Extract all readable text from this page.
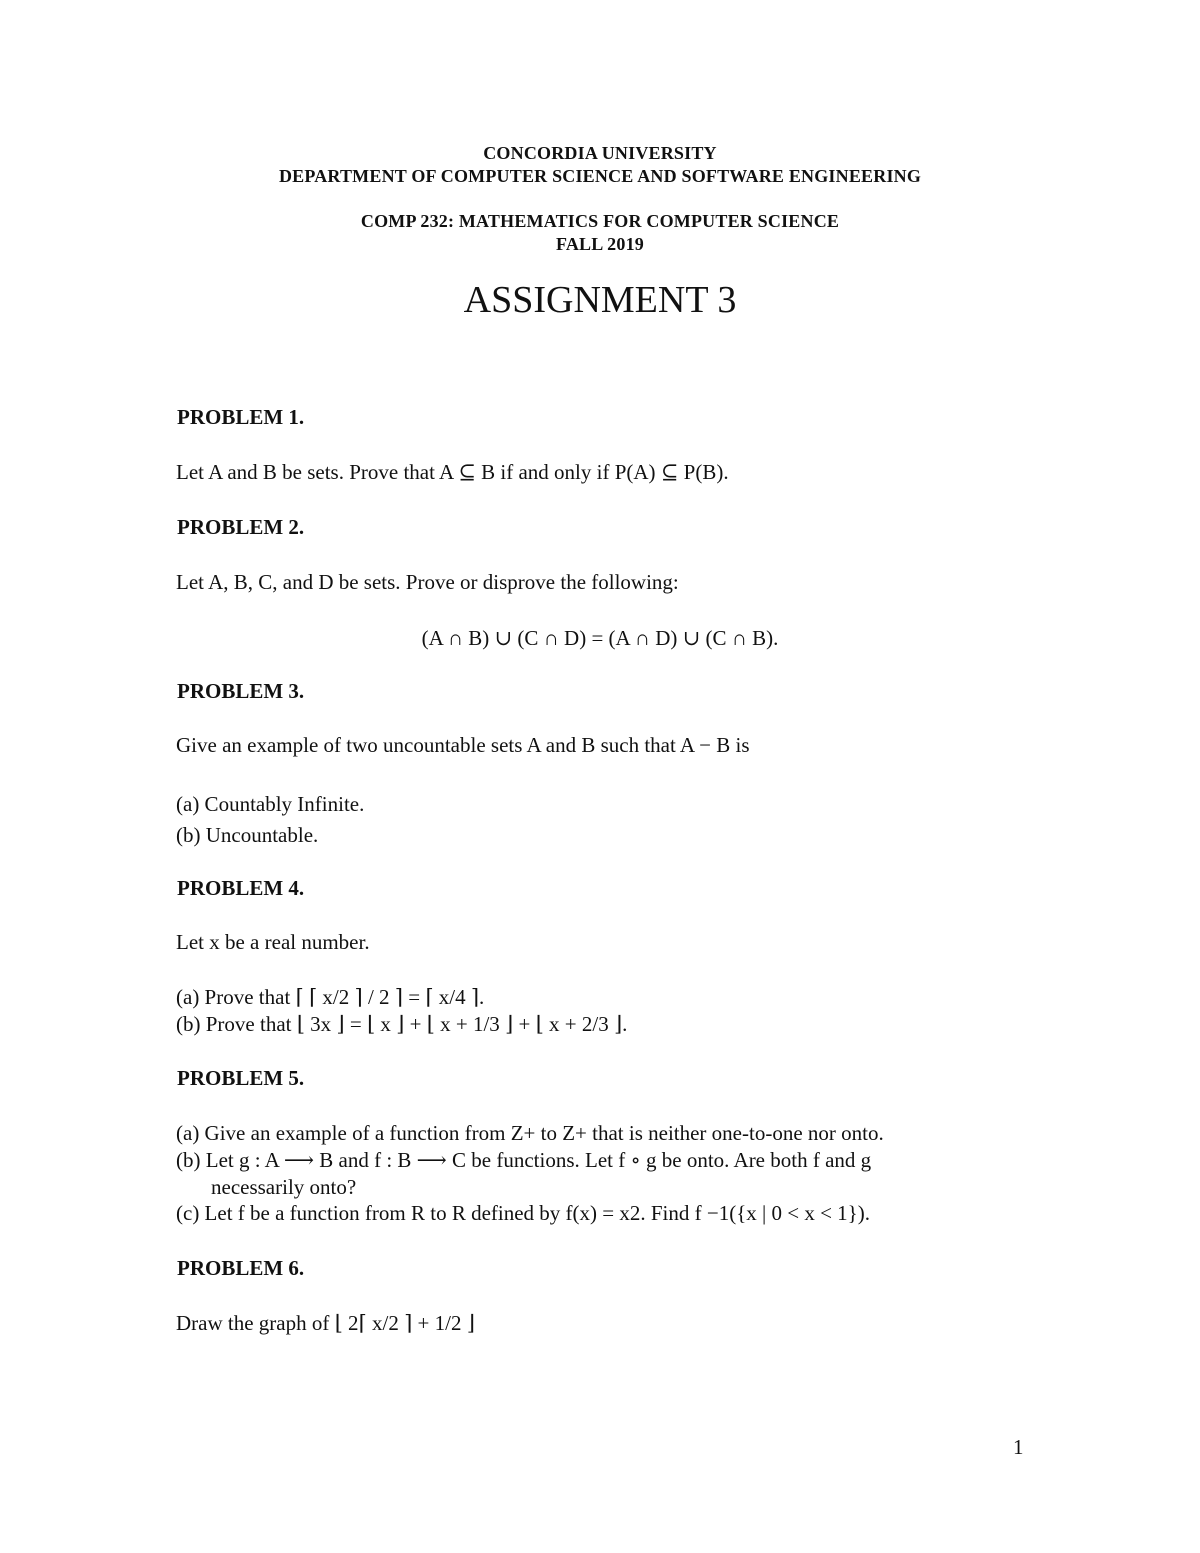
CONCORDIA UNIVERSITY
DEPARTMENT OF COMPUTER SCIENCE AND SOFTWARE ENGINEERING
COMP 232: MATHEMATICS FOR COMPUTER SCIENCE
FALL 2019
ASSIGNMENT 3
PROBLEM 1.
Let A and B be sets. Prove that A ⊆ B if and only if P(A) ⊆ P(B).
PROBLEM 2.
Let A, B, C, and D be sets. Prove or disprove the following:
(A ∩ B) ∪ (C ∩ D) = (A ∩ D) ∪ (C ∩ B).
PROBLEM 3.
Give an example of two uncountable sets A and B such that A − B is
(a) Countably Infinite.
(b) Uncountable.
PROBLEM 4.
Let x be a real number.
(a) Prove that ⌈ ⌈ x/2 ⌉ / 2 ⌉ = ⌈ x/4 ⌉.
(b) Prove that ⌊ 3x ⌋ = ⌊ x ⌋ + ⌊ x + 1/3 ⌋ + ⌊ x + 2/3 ⌋.
PROBLEM 5.
(a) Give an example of a function from Z+ to Z+ that is neither one-to-one nor onto.
(b) Let g : A ⟶ B and f : B ⟶ C be functions. Let f ∘ g be onto. Are both f and g
necessarily onto?
(c) Let f be a function from R to R defined by f(x) = x2. Find f −1({x | 0 < x < 1}).
PROBLEM 6.
Draw the graph of ⌊ 2⌈ x/2 ⌉ + 1/2 ⌋
1
